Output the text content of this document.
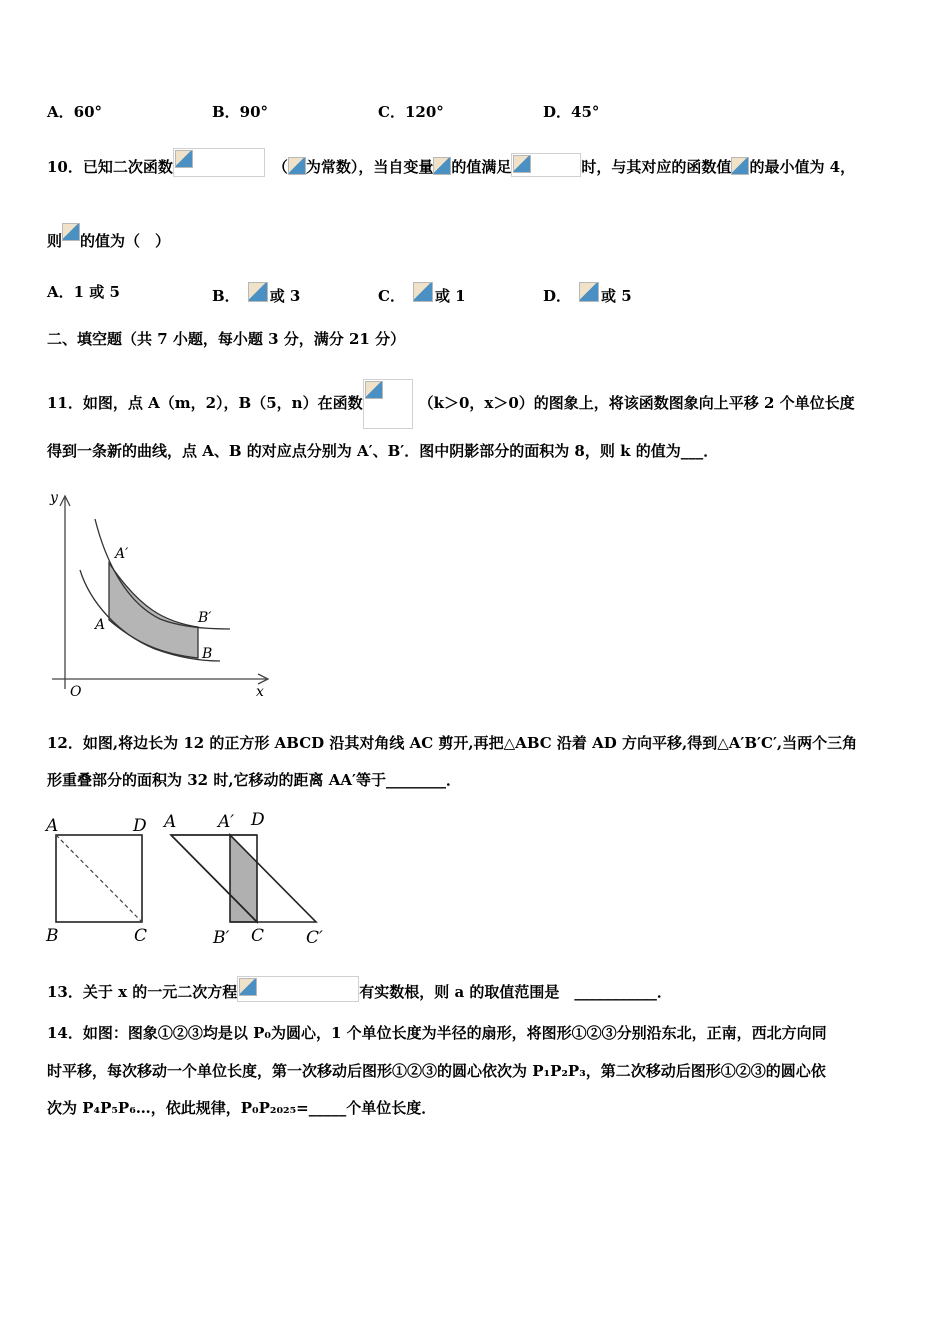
A．60°	B．90°	C．120°	D．45°
10．已知二次函数	（ 为常数），当自变量 的值满足	时，与其对应的函数值 的最小值为 4，
则 的值为（　）
A．1 或 5	B． 或 3	C． 或 1	D． 或 5
二、填空题（共 7 小题，每小题 3 分，满分 21 分）
11．如图，点 A（m，2），B（5，n）在函数	（k＞0，x＞0）的图象上，将该函数图象向上平移 2 个单位长度
得到一条新的曲线，点 A、B 的对应点分别为 A′、B′．图中阴影部分的面积为 8，则 k 的值为___．
y
x
O
A′
A	B′
B
12．如图,将边长为 12 的正方形 ABCD 沿其对角线 AC 剪开,再把△ABC 沿着 AD 方向平移,得到△A′B′C′,当两个三角
形重叠部分的面积为 32 时,它移动的距离 AA′等于________．
A	D
B	C
A A′ D
B′ C C′
13．关于 x 的一元二次方程	有实数根，则 a 的取值范围是　___________．
14．如图：图象①②③均是以 P₀为圆心，1 个单位长度为半径的扇形，将图形①②③分别沿东北，正南，西北方向同
时平移，每次移动一个单位长度，第一次移动后图形①②③的圆心依次为 P₁P₂P₃，第二次移动后图形①②③的圆心依
次为 P₄P₅P₆…，依此规律，P₀P₂₀₂₅=_____个单位长度．
